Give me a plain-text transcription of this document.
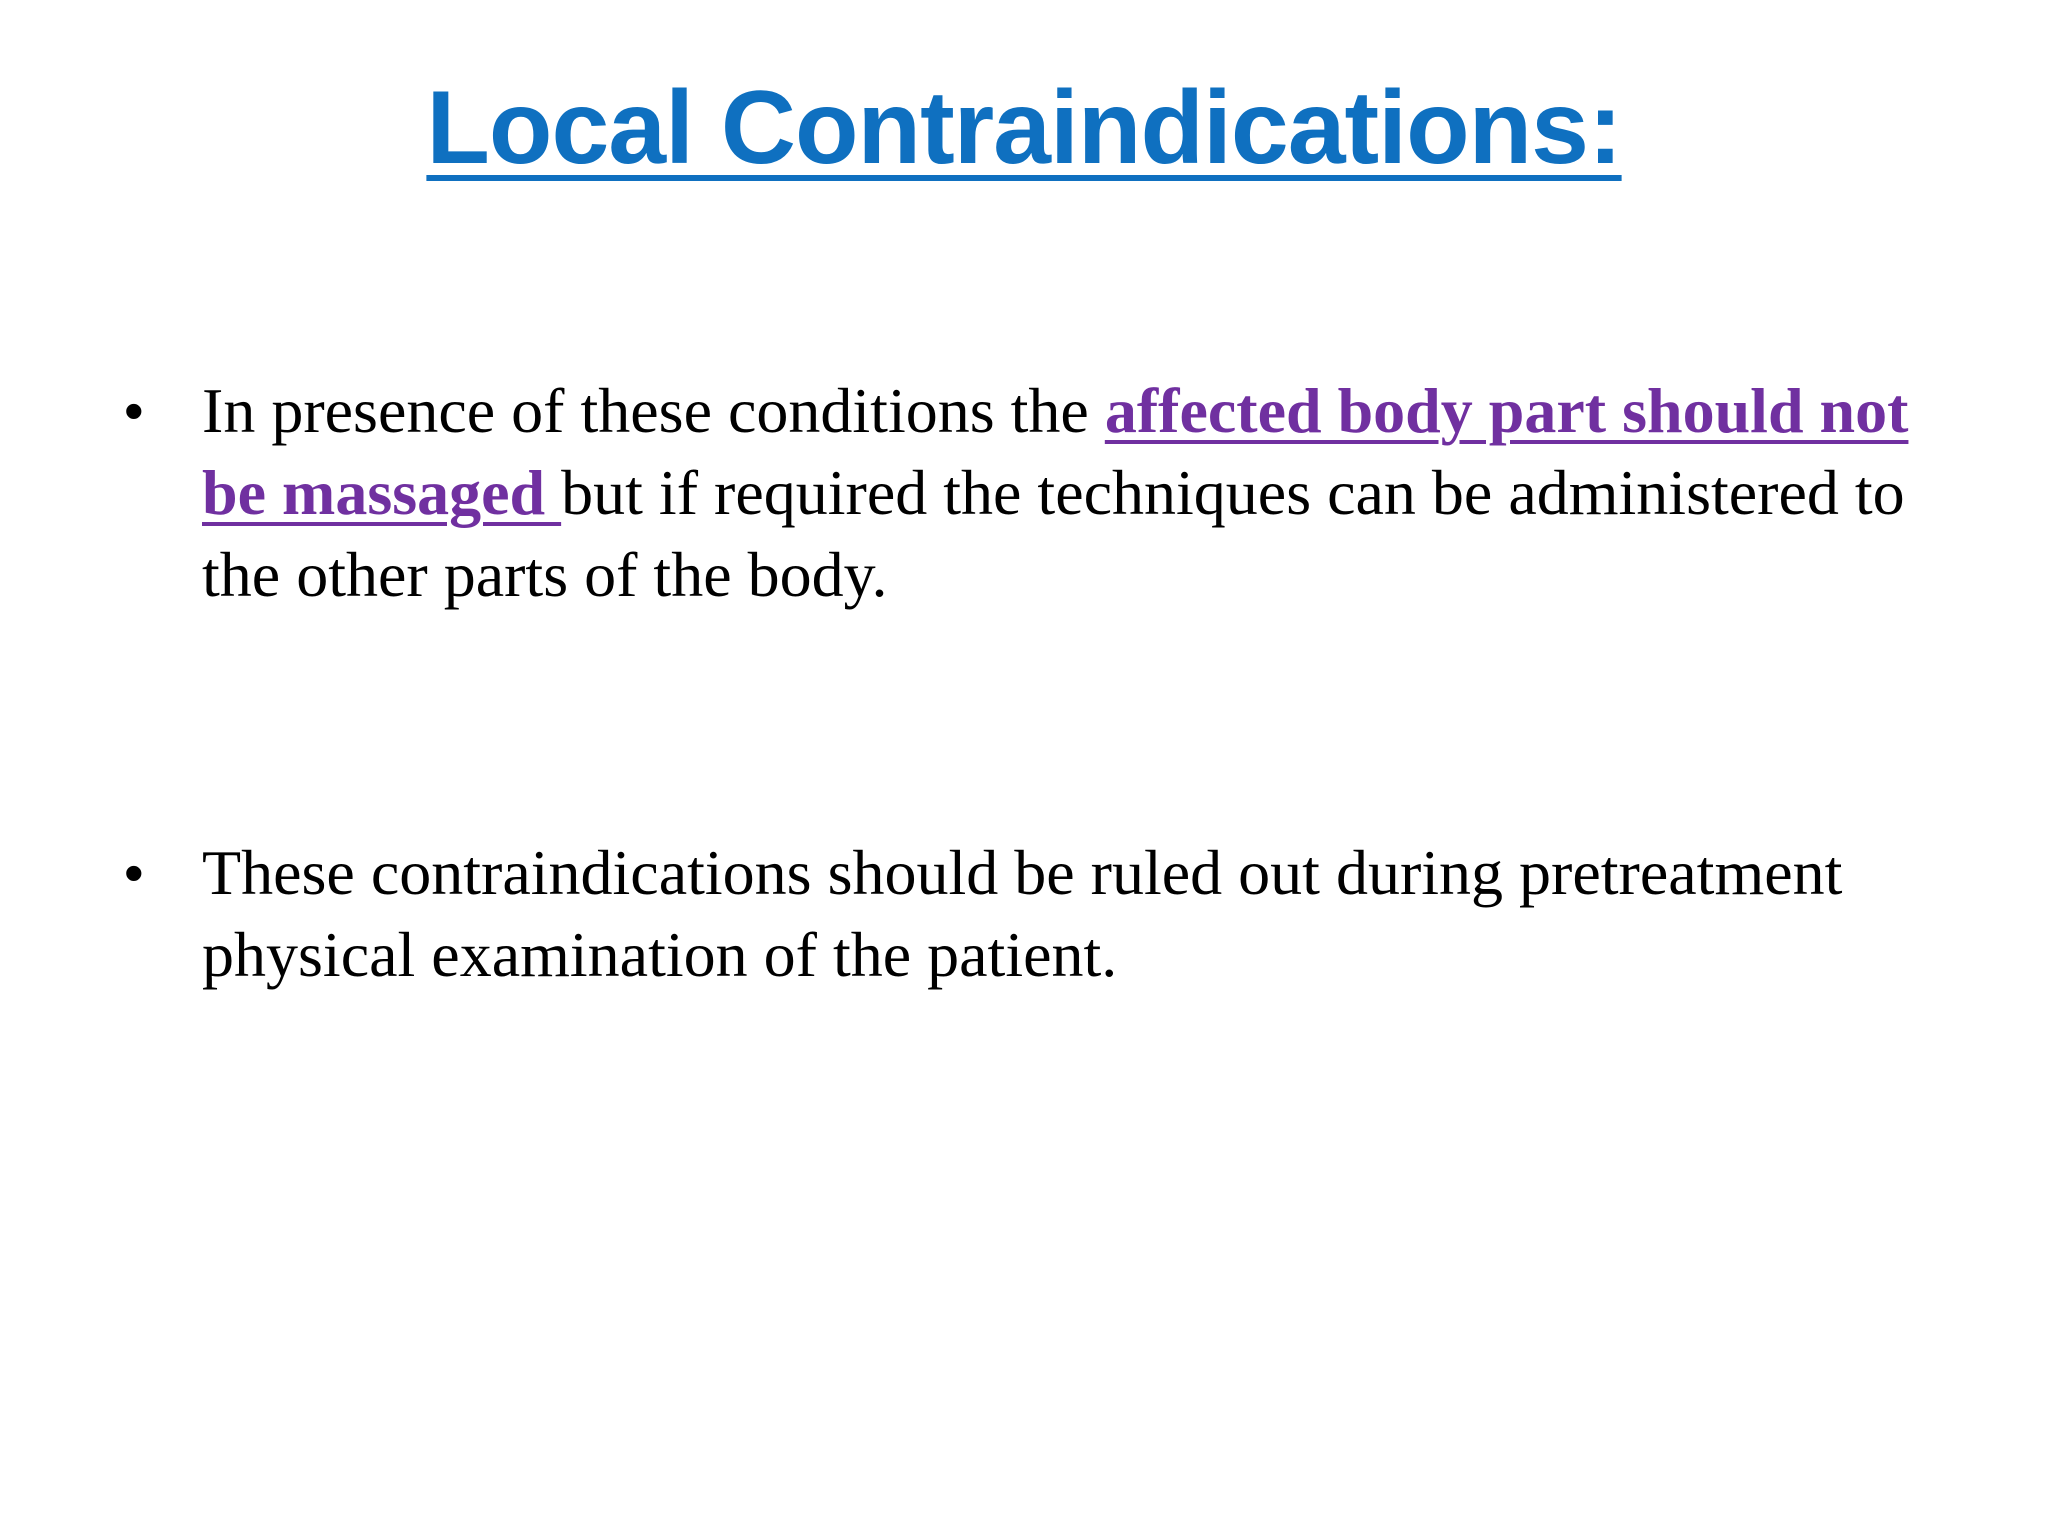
Local Contraindications:
• In presence of these conditions the affected body part should not be massaged but if required the techniques can be administered to the other parts of the body.
• These contraindications should be ruled out during pretreatment physical examination of the patient.
